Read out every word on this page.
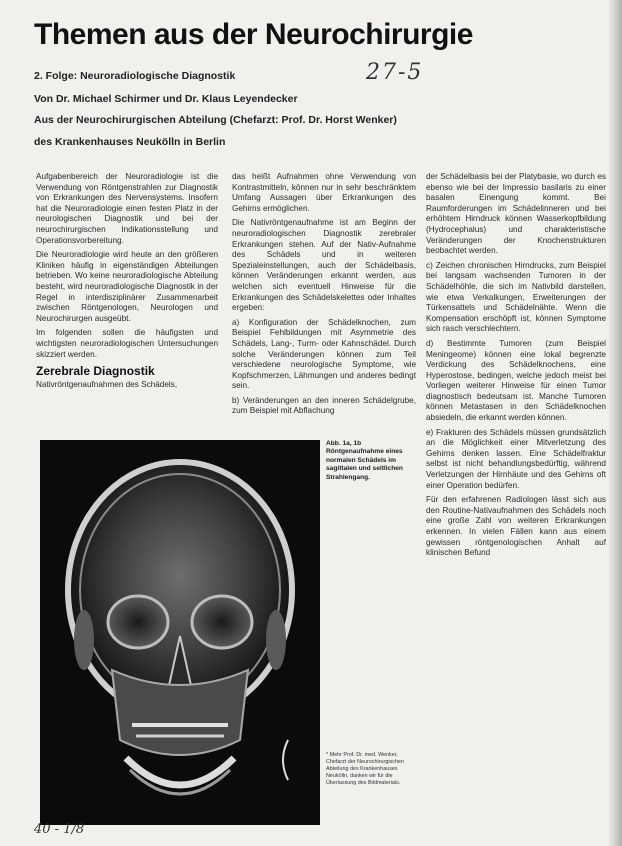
Themen aus der Neurochirurgie
27-5
2. Folge: Neuroradiologische Diagnostik
Von Dr. Michael Schirmer und Dr. Klaus Leyendecker
Aus der Neurochirurgischen Abteilung (Chefarzt: Prof. Dr. Horst Wenker)
des Krankenhauses Neukölln in Berlin

Aufgabenbereich der Neuroradiologie ist die Verwendung von Röntgenstrahlen zur Diagnostik von Erkrankungen des Nervensystems. Insofern hat die Neuroradiologie einen festen Platz in der neurologischen Diagnostik und bei der neurochirurgischen Indikationsstellung und Operationsvorbereitung.

Die Neuroradiologie wird heute an den größeren Kliniken häufig in eigenständigen Abteilungen betrieben. Wo keine neuroradiologische Abteilung besteht, wird neuroradiologische Diagnostik in der Regel in interdisziplinärer Zusammenarbeit zwischen Röntgenologen, Neurologen und Neurochirurgen ausgeübt.

Im folgenden sollen die häufigsten und wichtigsten neuroradiologischen Untersuchungen skizziert werden.

Zerebrale Diagnostik

Nativröntgenaufnahmen des Schädels,

das heißt Aufnahmen ohne Verwendung von Kontrastmitteln, können nur in sehr beschränktem Umfang Aussagen über Erkrankungen des Gehirns ermöglichen.

Die Nativröntgenaufnahme ist am Beginn der neuroradiologischen Diagnostik zerebraler Erkrankungen stehen. Auf der Nativ-Aufnahme des Schädels und in weiteren Spezialeinstellungen, auch der Schädelbasis, können Veränderungen erkannt werden, aus welchen sich eventuell Hinweise für die Erkrankungen des Schädelskelettes oder Inhaltes ergeben:

a) Konfiguration der Schädelknochen, zum Beispiel Fehlbildungen mit Asymmetrie des Schädels, Lang-, Turm- oder Kahnschädel. Durch solche Veränderungen können zum Teil verschiedene neurologische Symptome, wie Kopfschmerzen, Lähmungen und anderes bedingt sein.

b) Veränderungen an den inneren Schädelgrube, zum Beispiel mit Abflachung

der Schädelbasis bei der Platybasie, wo durch es ebenso wie bei der Impressio basilaris zu einer basalen Einengung kommt. Bei Raumforderungen im Schädelinneren und bei erhöhtem Hirndruck können Wasserkopfbildung (Hydrocephalus) und charakteristische Veränderungen der Knochenstrukturen beobachtet werden.

c) Zeichen chronischen Hirndrucks, zum Beispiel bei langsam wachsenden Tumoren in der Schädelhöhle, die sich im Nativbild darstellen, wie etwa Verkalkungen, Erweiterungen der Türkensattels und Schädelnähte. Wenn die Kompensation erschöpft ist, können Symptome sich rasch verschlechtern.

d) Bestimmte Tumoren (zum Beispiel Meningeome) können eine lokal begrenzte Verdickung des Schädelknochens, eine Hyperostose, bedingen, welche jedoch meist bei Vorliegen weiterer Hinweise für einen Tumor diagnostisch bedeutsam ist. Manche Tumoren können Metastasen in den Schädelknochen absiedeln, die erkannt werden können.

e) Frakturen des Schädels müssen grundsätzlich an die Möglichkeit einer Mitverletzung des Gehirns denken lassen. Eine Schädelfraktur selbst ist nicht behandlungsbedürftig, während Verletzungen der Hirnhäute und des Gehirns oft einer Operation bedürfen.

Für den erfahrenen Radiologen lässt sich aus den Routine-Nativaufnahmen des Schädels noch eine große Zahl von weiteren Erkrankungen erkennen. In vielen Fällen kann aus einem gewissen röntgenologischen Anhalt auf klinischen Befund

Abb. 1a, 1b Röntgenaufnahme eines normalen Schädels im sagittalen und seitlichen Strahlengang.
* Mehr Prof. Dr. med. Wenker, Chefarzt der Neurochirurgischen Abteilung des Krankenhauses Neukölln, danken wir für die Überlassung des Bildmaterials.
40 - 1/8
